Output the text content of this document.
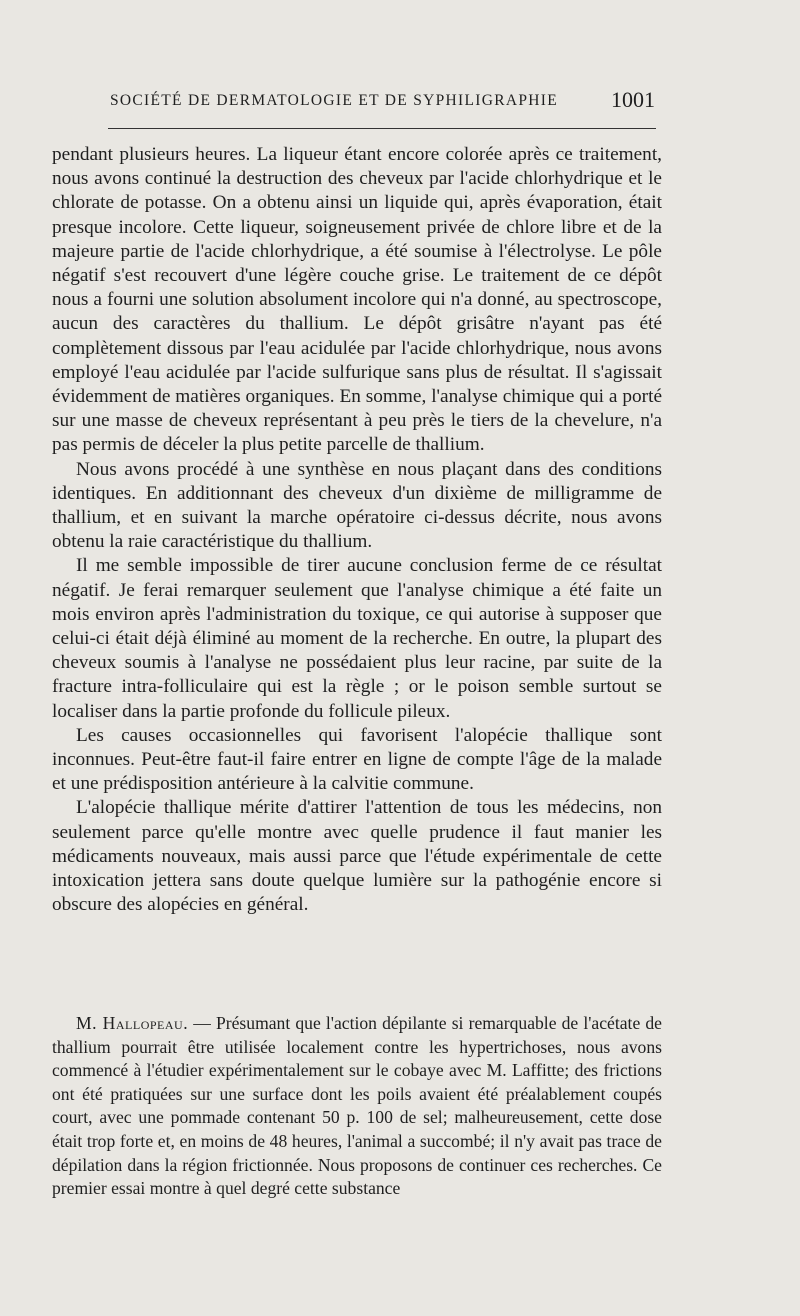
SOCIÉTÉ DE DERMATOLOGIE ET DE SYPHILIGRAPHIE 1001

pendant plusieurs heures. La liqueur étant encore colorée après ce traitement, nous avons continué la destruction des cheveux par l'acide chlorhydrique et le chlorate de potasse. On a obtenu ainsi un liquide qui, après évaporation, était presque incolore. Cette liqueur, soigneusement privée de chlore libre et de la majeure partie de l'acide chlorhydrique, a été soumise à l'électrolyse. Le pôle négatif s'est recouvert d'une légère couche grise. Le traitement de ce dépôt nous a fourni une solution absolument incolore qui n'a donné, au spectroscope, aucun des caractères du thallium. Le dépôt grisâtre n'ayant pas été complètement dissous par l'eau acidulée par l'acide chlorhydrique, nous avons employé l'eau acidulée par l'acide sulfurique sans plus de résultat. Il s'agissait évidemment de matières organiques. En somme, l'analyse chimique qui a porté sur une masse de cheveux représentant à peu près le tiers de la chevelure, n'a pas permis de déceler la plus petite parcelle de thallium.

Nous avons procédé à une synthèse en nous plaçant dans des conditions identiques. En additionnant des cheveux d'un dixième de milligramme de thallium, et en suivant la marche opératoire ci-dessus décrite, nous avons obtenu la raie caractéristique du thallium.

Il me semble impossible de tirer aucune conclusion ferme de ce résultat négatif. Je ferai remarquer seulement que l'analyse chimique a été faite un mois environ après l'administration du toxique, ce qui autorise à supposer que celui-ci était déjà éliminé au moment de la recherche. En outre, la plupart des cheveux soumis à l'analyse ne possédaient plus leur racine, par suite de la fracture intra-folliculaire qui est la règle ; or le poison semble surtout se localiser dans la partie profonde du follicule pileux.

Les causes occasionnelles qui favorisent l'alopécie thallique sont inconnues. Peut-être faut-il faire entrer en ligne de compte l'âge de la malade et une prédisposition antérieure à la calvitie commune.

L'alopécie thallique mérite d'attirer l'attention de tous les médecins, non seulement parce qu'elle montre avec quelle prudence il faut manier les médicaments nouveaux, mais aussi parce que l'étude expérimentale de cette intoxication jettera sans doute quelque lumière sur la pathogénie encore si obscure des alopécies en général.

M. Hallopeau. — Présumant que l'action dépilante si remarquable de l'acétate de thallium pourrait être utilisée localement contre les hypertrichoses, nous avons commencé à l'étudier expérimentalement sur le cobaye avec M. Laffitte; des frictions ont été pratiquées sur une surface dont les poils avaient été préalablement coupés court, avec une pommade contenant 50 p. 100 de sel; malheureusement, cette dose était trop forte et, en moins de 48 heures, l'animal a succombé; il n'y avait pas trace de dépilation dans la région frictionnée. Nous proposons de continuer ces recherches. Ce premier essai montre à quel degré cette substance
